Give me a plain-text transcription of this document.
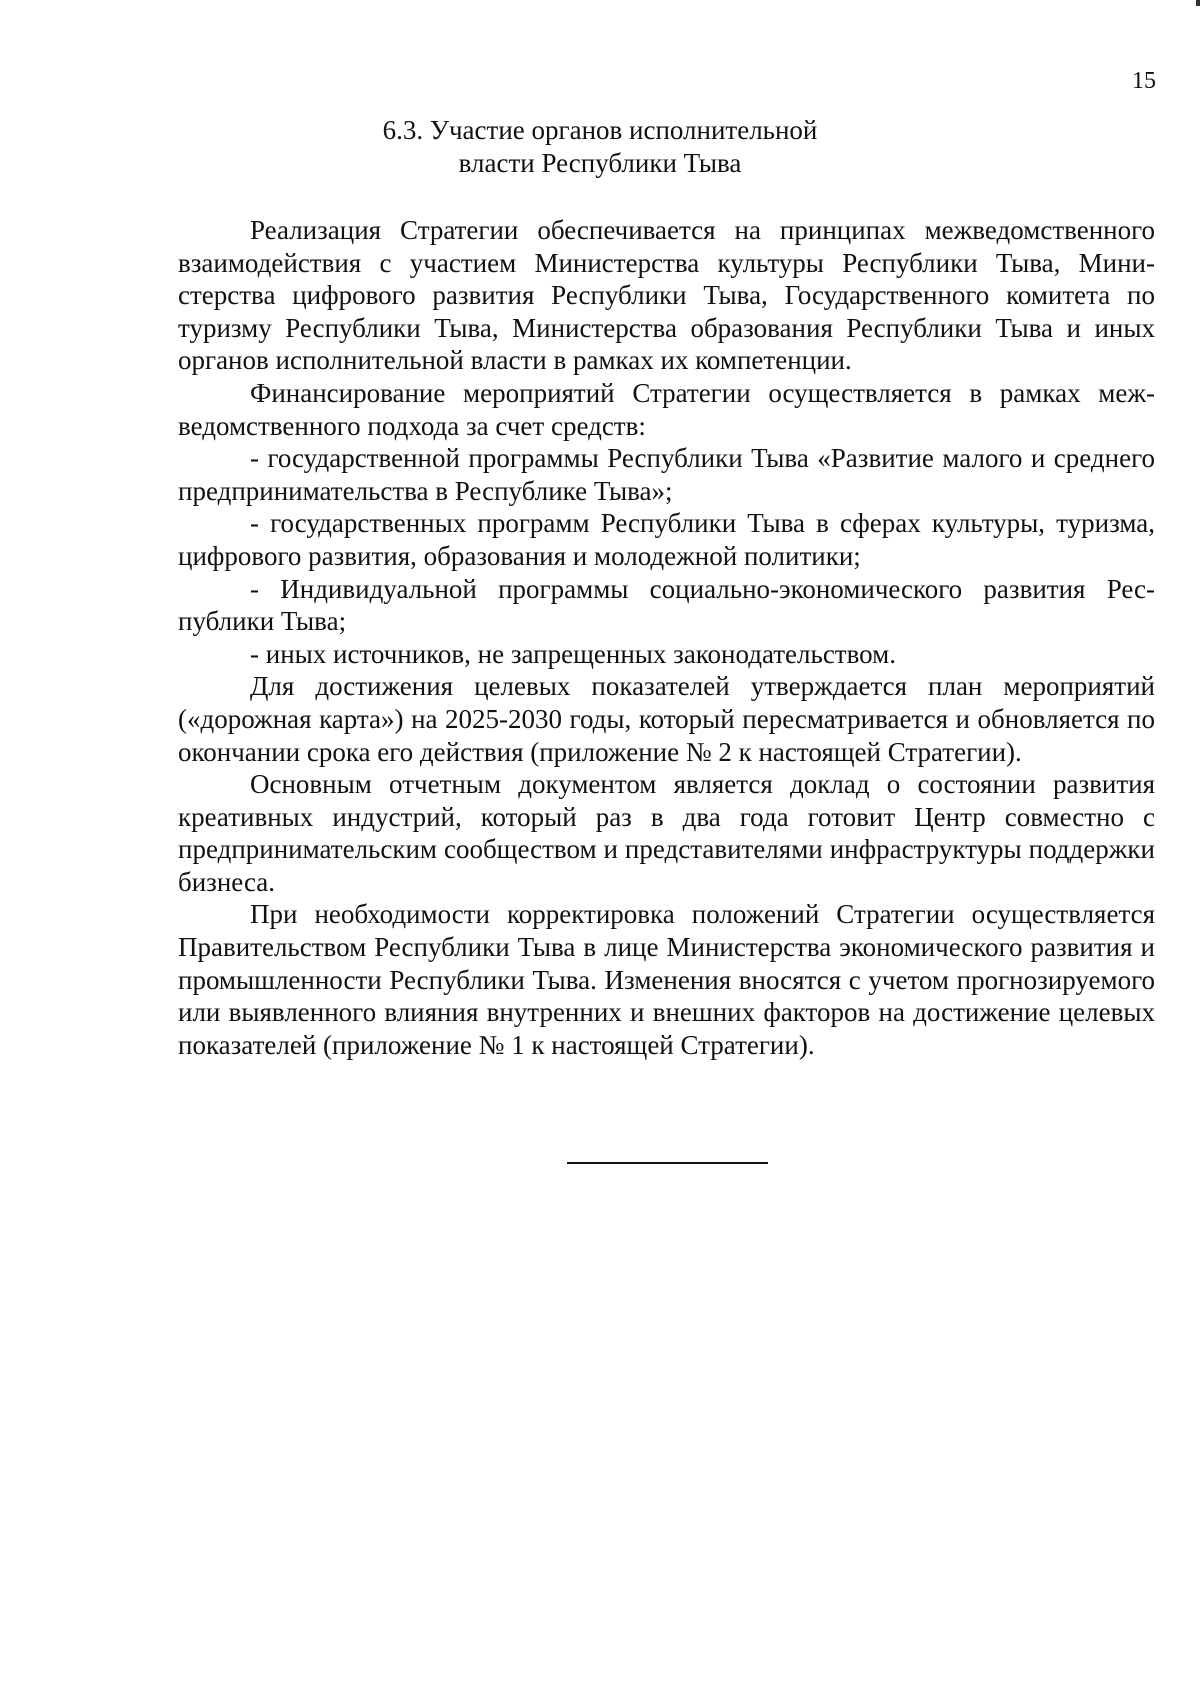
15
6.3. Участие органов исполнительной
власти Республики Тыва

Реализация Стратегии обеспечивается на принципах межведомственного взаимодействия с участием Министерства культуры Республики Тыва, Министерства цифрового развития Республики Тыва, Государственного комитета по туризму Республики Тыва, Министерства образования Республики Тыва и иных органов исполнительной власти в рамках их компетенции.

Финансирование мероприятий Стратегии осуществляется в рамках межведомственного подхода за счет средств:

- государственной программы Республики Тыва «Развитие малого и среднего предпринимательства в Республике Тыва»;

- государственных программ Республики Тыва в сферах культуры, туризма, цифрового развития, образования и молодежной политики;

- Индивидуальной программы социально-экономического развития Республики Тыва;

- иных источников, не запрещенных законодательством.

Для достижения целевых показателей утверждается план мероприятий («дорожная карта») на 2025-2030 годы, который пересматривается и обновляется по окончании срока его действия (приложение № 2 к настоящей Стратегии).

Основным отчетным документом является доклад о состоянии развития креативных индустрий, который раз в два года готовит Центр совместно с предпринимательским сообществом и представителями инфраструктуры поддержки бизнеса.

При необходимости корректировка положений Стратегии осуществляется Правительством Республики Тыва в лице Министерства экономического развития и промышленности Республики Тыва. Изменения вносятся с учетом прогнозируемого или выявленного влияния внутренних и внешних факторов на достижение целевых показателей (приложение № 1 к настоящей Стратегии).
